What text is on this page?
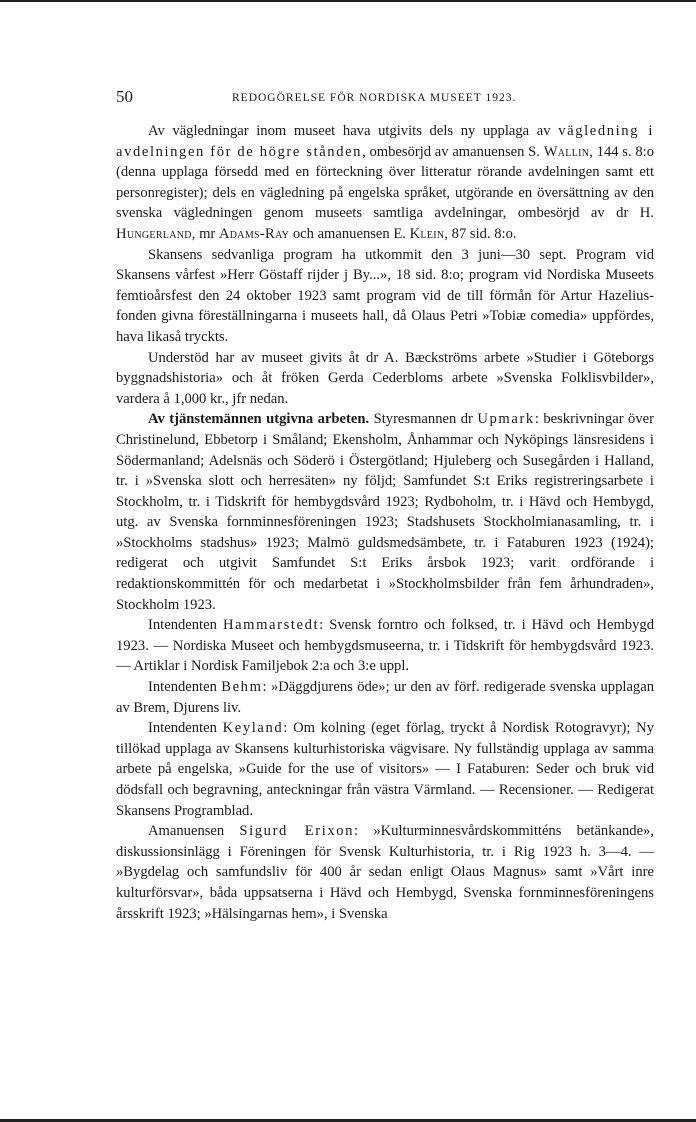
50	REDOGÖRELSE FÖR NORDISKA MUSEET 1923.

Av vägledningar inom museet hava utgivits dels ny upplaga av vägledning i avdelningen för de högre stånden, ombesörjd av amanuensen S. Wallin, 144 s. 8:o (denna upplaga försedd med en förteckning över litteratur rörande avdelningen samt ett personregister); dels en vägledning på engelska språket, utgörande en översättning av den svenska vägledningen genom museets samtliga avdelningar, ombesörjd av dr H. Hungerland, mr Adams-Ray och amanuensen E. Klein, 87 sid. 8:o.

Skansens sedvanliga program ha utkommit den 3 juni—30 sept. Program vid Skansens vårfest »Herr Göstaff rijder j By...», 18 sid. 8:o; program vid Nordiska Museets femtioårsfest den 24 oktober 1923 samt program vid de till förmån för Artur Hazelius-fonden givna föreställningarna i museets hall, då Olaus Petri »Tobiæ comedia» uppfördes, hava likaså tryckts.

Understöd har av museet givits åt dr A. Bæckströms arbete »Studier i Göteborgs byggnadshistoria» och åt fröken Gerda Cederbloms arbete »Svenska Folklisvbilder», vardera å 1,000 kr., jfr nedan.

Av tjänstemännen utgivna arbeten. Styresmannen dr Upmark: beskrivningar över Christinelund, Ebbetorp i Småland; Ekensholm, Ånhammar och Nyköpings länsresidens i Södermanland; Adelsnäs och Söderö i Östergötland; Hjuleberg och Susegården i Halland, tr. i »Svenska slott och herresäten» ny följd; Samfundet S:t Eriks registreringsarbete i Stockholm, tr. i Tidskrift för hembygdsvård 1923; Rydboholm, tr. i Hävd och Hembygd, utg. av Svenska fornminnesföreningen 1923; Stadshusets Stockholmianasamling, tr. i »Stockholms stadshus» 1923; Malmö guldsmedsämbete, tr. i Fataburen 1923 (1924); redigerat och utgivit Samfundet S:t Eriks årsbok 1923; varit ordförande i redaktionskommittén för och medarbetat i »Stockholmsbilder från fem århundraden», Stockholm 1923.

Intendenten Hammarstedt: Svensk forntro och folksed, tr. i Hävd och Hembygd 1923. — Nordiska Museet och hembygdsmuseerna, tr. i Tidskrift för hembygdsvård 1923. — Artiklar i Nordisk Familjebok 2:a och 3:e uppl.

Intendenten Behm: »Däggdjurens öde»; ur den av förf. redigerade svenska upplagan av Brem, Djurens liv.

Intendenten Keyland: Om kolning (eget förlag, tryckt å Nordisk Rotogravyr); Ny tillökad upplaga av Skansens kulturhistoriska vägvisare. Ny fullständig upplaga av samma arbete på engelska, »Guide for the use of visitors» — I Fataburen: Seder och bruk vid dödsfall och begravning, anteckningar från västra Värmland. — Recensioner. — Redigerat Skansens Programblad.

Amanuensen Sigurd Erixon: »Kulturminnesvårdskommitténs betänkande», diskussionsinlägg i Föreningen för Svensk Kulturhistoria, tr. i Rig 1923 h. 3—4. — »Bygdelag och samfundsliv för 400 år sedan enligt Olaus Magnus» samt »Vårt inre kulturförsvar», båda uppsatserna i Hävd och Hembygd, Svenska fornminnesföreningens årsskrift 1923; »Hälsingarnas hem», i Svenska
